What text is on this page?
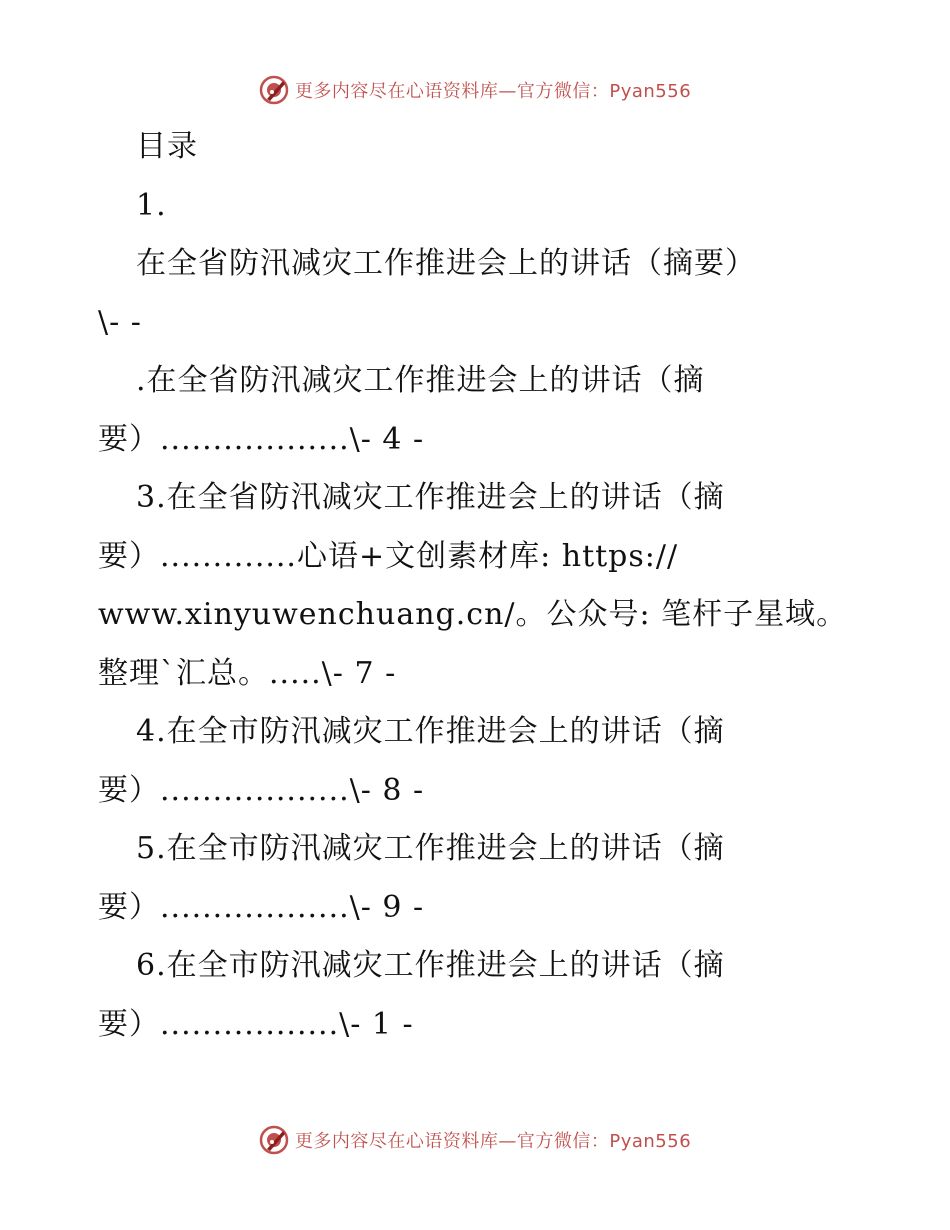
更多内容尽在心语资料库—官方微信：Pyan556
目录
1.
在全省防汛减灾工作推进会上的讲话（摘要）
\- -
.在全省防汛减灾工作推进会上的讲话（摘
要）..................\- 4 -
3.在全省防汛减灾工作推进会上的讲话（摘
要）.............心语+文创素材库: https://
www.xinyuwenchuang.cn/。公众号: 笔杆子星域。
整理`汇总。.....\- 7 -
4.在全市防汛减灾工作推进会上的讲话（摘
要）..................\- 8 -
5.在全市防汛减灾工作推进会上的讲话（摘
要）..................\- 9 -
6.在全市防汛减灾工作推进会上的讲话（摘
要）.................\- 1 -
更多内容尽在心语资料库—官方微信：Pyan556
